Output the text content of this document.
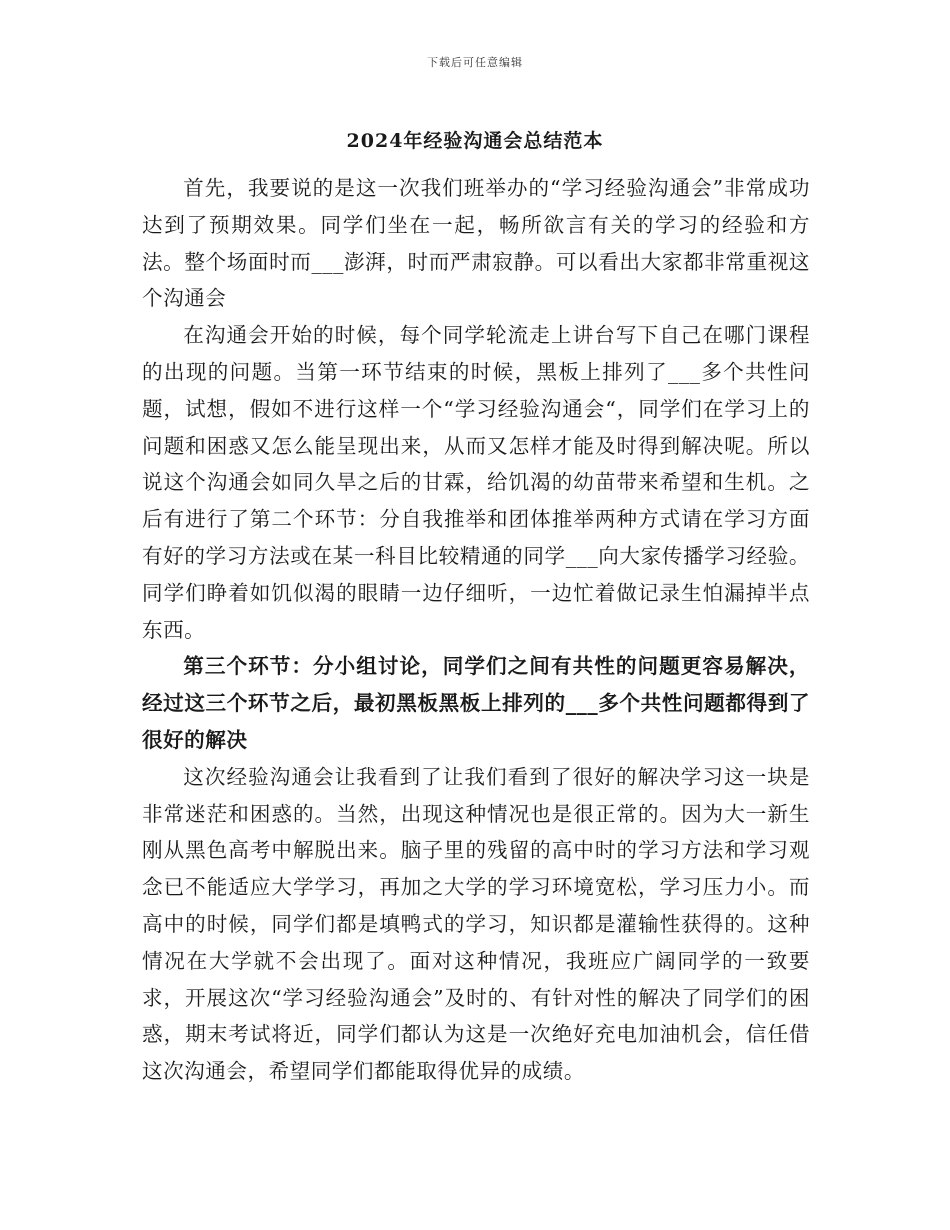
下载后可任意编辑
2024年经验沟通会总结范本

首先，我要说的是这一次我们班举办的“学习经验沟通会”非常成功达到了预期效果。同学们坐在一起，畅所欲言有关的学习的经验和方法。整个场面时而___澎湃，时而严肃寂静。可以看出大家都非常重视这个沟通会

在沟通会开始的时候，每个同学轮流走上讲台写下自己在哪门课程的出现的问题。当第一环节结束的时候，黑板上排列了___多个共性问题，试想，假如不进行这样一个“学习经验沟通会“，同学们在学习上的问题和困惑又怎么能呈现出来，从而又怎样才能及时得到解决呢。所以说这个沟通会如同久旱之后的甘霖，给饥渴的幼苗带来希望和生机。之后有进行了第二个环节：分自我推举和团体推举两种方式请在学习方面有好的学习方法或在某一科目比较精通的同学___向大家传播学习经验。同学们睁着如饥似渴的眼睛一边仔细听，一边忙着做记录生怕漏掉半点东西。

第三个环节：分小组讨论，同学们之间有共性的问题更容易解决，经过这三个环节之后，最初黑板黑板上排列的___多个共性问题都得到了很好的解决

这次经验沟通会让我看到了让我们看到了很好的解决学习这一块是非常迷茫和困惑的。当然，出现这种情况也是很正常的。因为大一新生刚从黑色高考中解脱出来。脑子里的残留的高中时的学习方法和学习观念已不能适应大学学习，再加之大学的学习环境宽松，学习压力小。而高中的时候，同学们都是填鸭式的学习，知识都是灌输性获得的。这种情况在大学就不会出现了。面对这种情况，我班应广阔同学的一致要求，开展这次“学习经验沟通会”及时的、有针对性的解决了同学们的困惑，期末考试将近，同学们都认为这是一次绝好充电加油机会，信任借这次沟通会，希望同学们都能取得优异的成绩。
